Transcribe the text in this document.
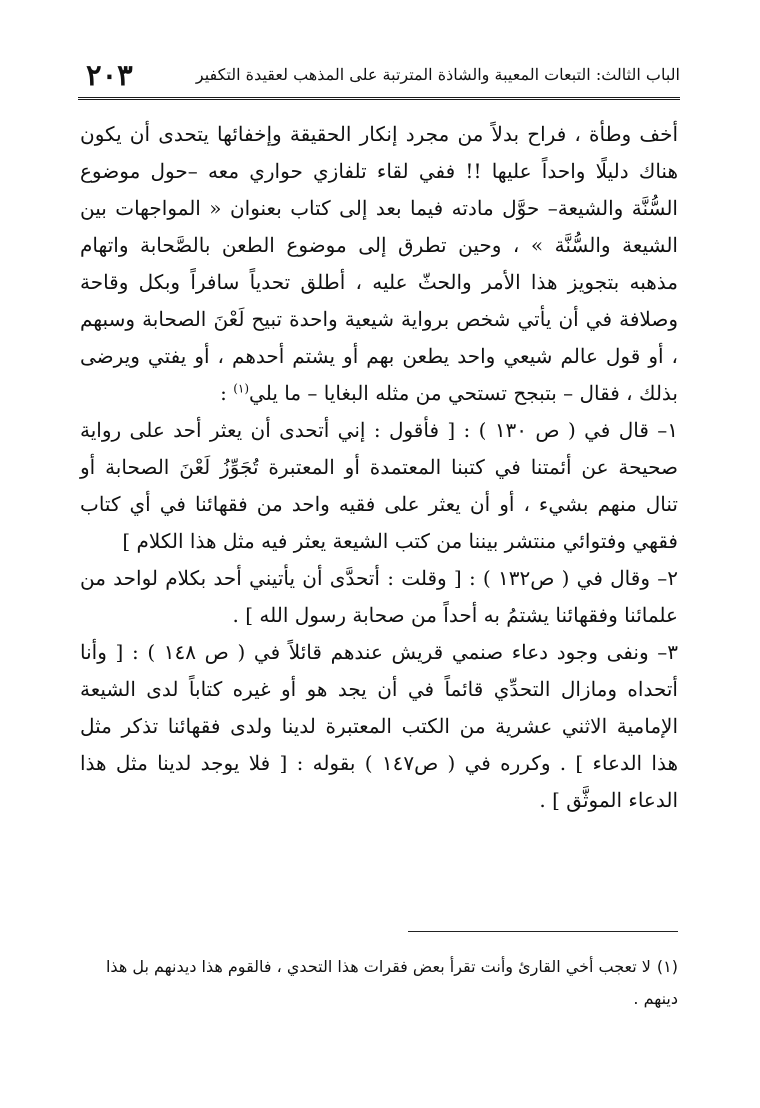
الباب الثالث: التبعات المعيبة والشاذة المترتبة على المذهب لعقيدة التكفير
٢٠٣

أخف وطأة ، فراح بدلاً من مجرد إنكار الحقيقة وإخفائها يتحدى أن يكون هناك دليلًا واحداً عليها !! ففي لقاء تلفازي حواري معه –حول موضوع السُّنَّة والشيعة– حوَّل مادته فيما بعد إلى كتاب بعنوان « المواجهات بين الشيعة والسُّنَّة » ، وحين تطرق إلى موضوع الطعن بالصَّحابة واتهام مذهبه بتجويز هذا الأمر والحثّ عليه ، أطلق تحدياً سافراً وبكل وقاحة وصلافة في أن يأتي شخص برواية شيعية واحدة تبيح لَعْنَ الصحابة وسبهم ، أو قول عالم شيعي واحد يطعن بهم أو يشتم أحدهم ، أو يفتي ويرضى بذلك ، فقال – بتبجح تستحي من مثله البغايا – ما يلي$^{(١)}$ :

١– قال في ( ص ١٣٠ ) : [ فأقول : إني أتحدى أن يعثر أحد على رواية صحيحة عن أئمتنا في كتبنا المعتمدة أو المعتبرة تُجَوِّزُ لَعْنَ الصحابة أو تنال منهم بشيء ، أو أن يعثر على فقيه واحد من فقهائنا في أي كتاب فقهي وفتوائي منتشر بيننا من كتب الشيعة يعثر فيه مثل هذا الكلام ]

٢– وقال في ( ص١٣٢ ) : [ وقلت : أتحدَّى أن يأتيني أحد بكلام لواحد من علمائنا وفقهائنا يشتمُ به أحداً من صحابة رسول الله ] .

٣– ونفى وجود دعاء صنمي قريش عندهم قائلاً في ( ص ١٤٨ ) : [ وأنا أتحداه ومازال التحدِّي قائماً في أن يجد هو أو غيره كتاباً لدى الشيعة الإمامية الاثني عشرية من الكتب المعتبرة لدينا ولدى فقهائنا تذكر مثل هذا الدعاء ] . وكرره في ( ص١٤٧ ) بقوله : [ فلا يوجد لدينا مثل هذا الدعاء الموثَّق ] .

(١)لا تعجب أخي القارئ وأنت تقرأ بعض فقرات هذا التحدي ، فالقوم هذا ديدنهم بل هذا دينهم .
